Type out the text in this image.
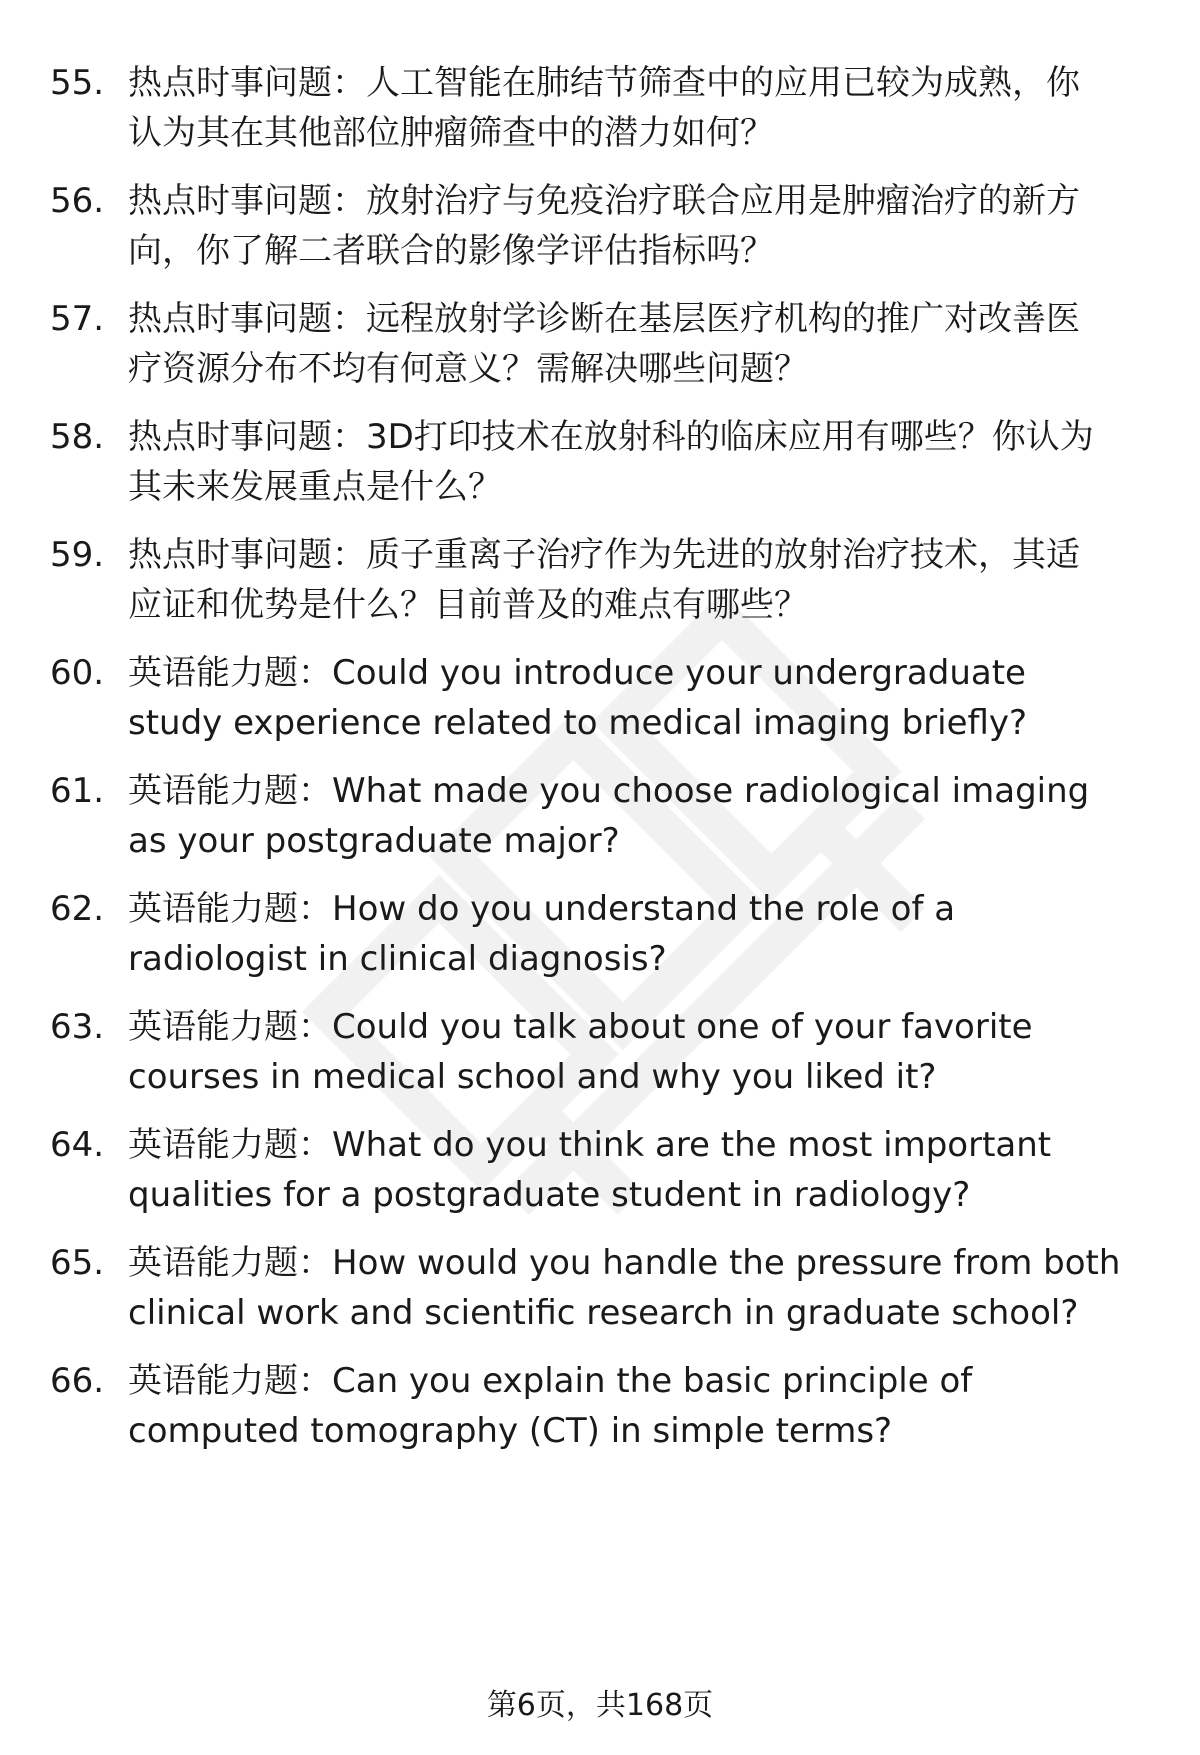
55. 热点时事问题：人工智能在肺结节筛查中的应用已较为成熟，你
认为其在其他部位肿瘤筛查中的潜力如何？
56. 热点时事问题：放射治疗与免疫治疗联合应用是肿瘤治疗的新方
向，你了解二者联合的影像学评估指标吗？
57. 热点时事问题：远程放射学诊断在基层医疗机构的推广对改善医
疗资源分布不均有何意义？需解决哪些问题？
58. 热点时事问题：3D打印技术在放射科的临床应用有哪些？你认为
其未来发展重点是什么？
59. 热点时事问题：质子重离子治疗作为先进的放射治疗技术，其适
应证和优势是什么？目前普及的难点有哪些？
60. 英语能力题：Could you introduce your undergraduate
study experience related to medical imaging briefly?
61. 英语能力题：What made you choose radiological imaging
as your postgraduate major?
62. 英语能力题：How do you understand the role of a
radiologist in clinical diagnosis?
63. 英语能力题：Could you talk about one of your favorite
courses in medical school and why you liked it?
64. 英语能力题：What do you think are the most important
qualities for a postgraduate student in radiology?
65. 英语能力题：How would you handle the pressure from both
clinical work and scientific research in graduate school?
66. 英语能力题：Can you explain the basic principle of
computed tomography (CT) in simple terms?
第6页，共168页
